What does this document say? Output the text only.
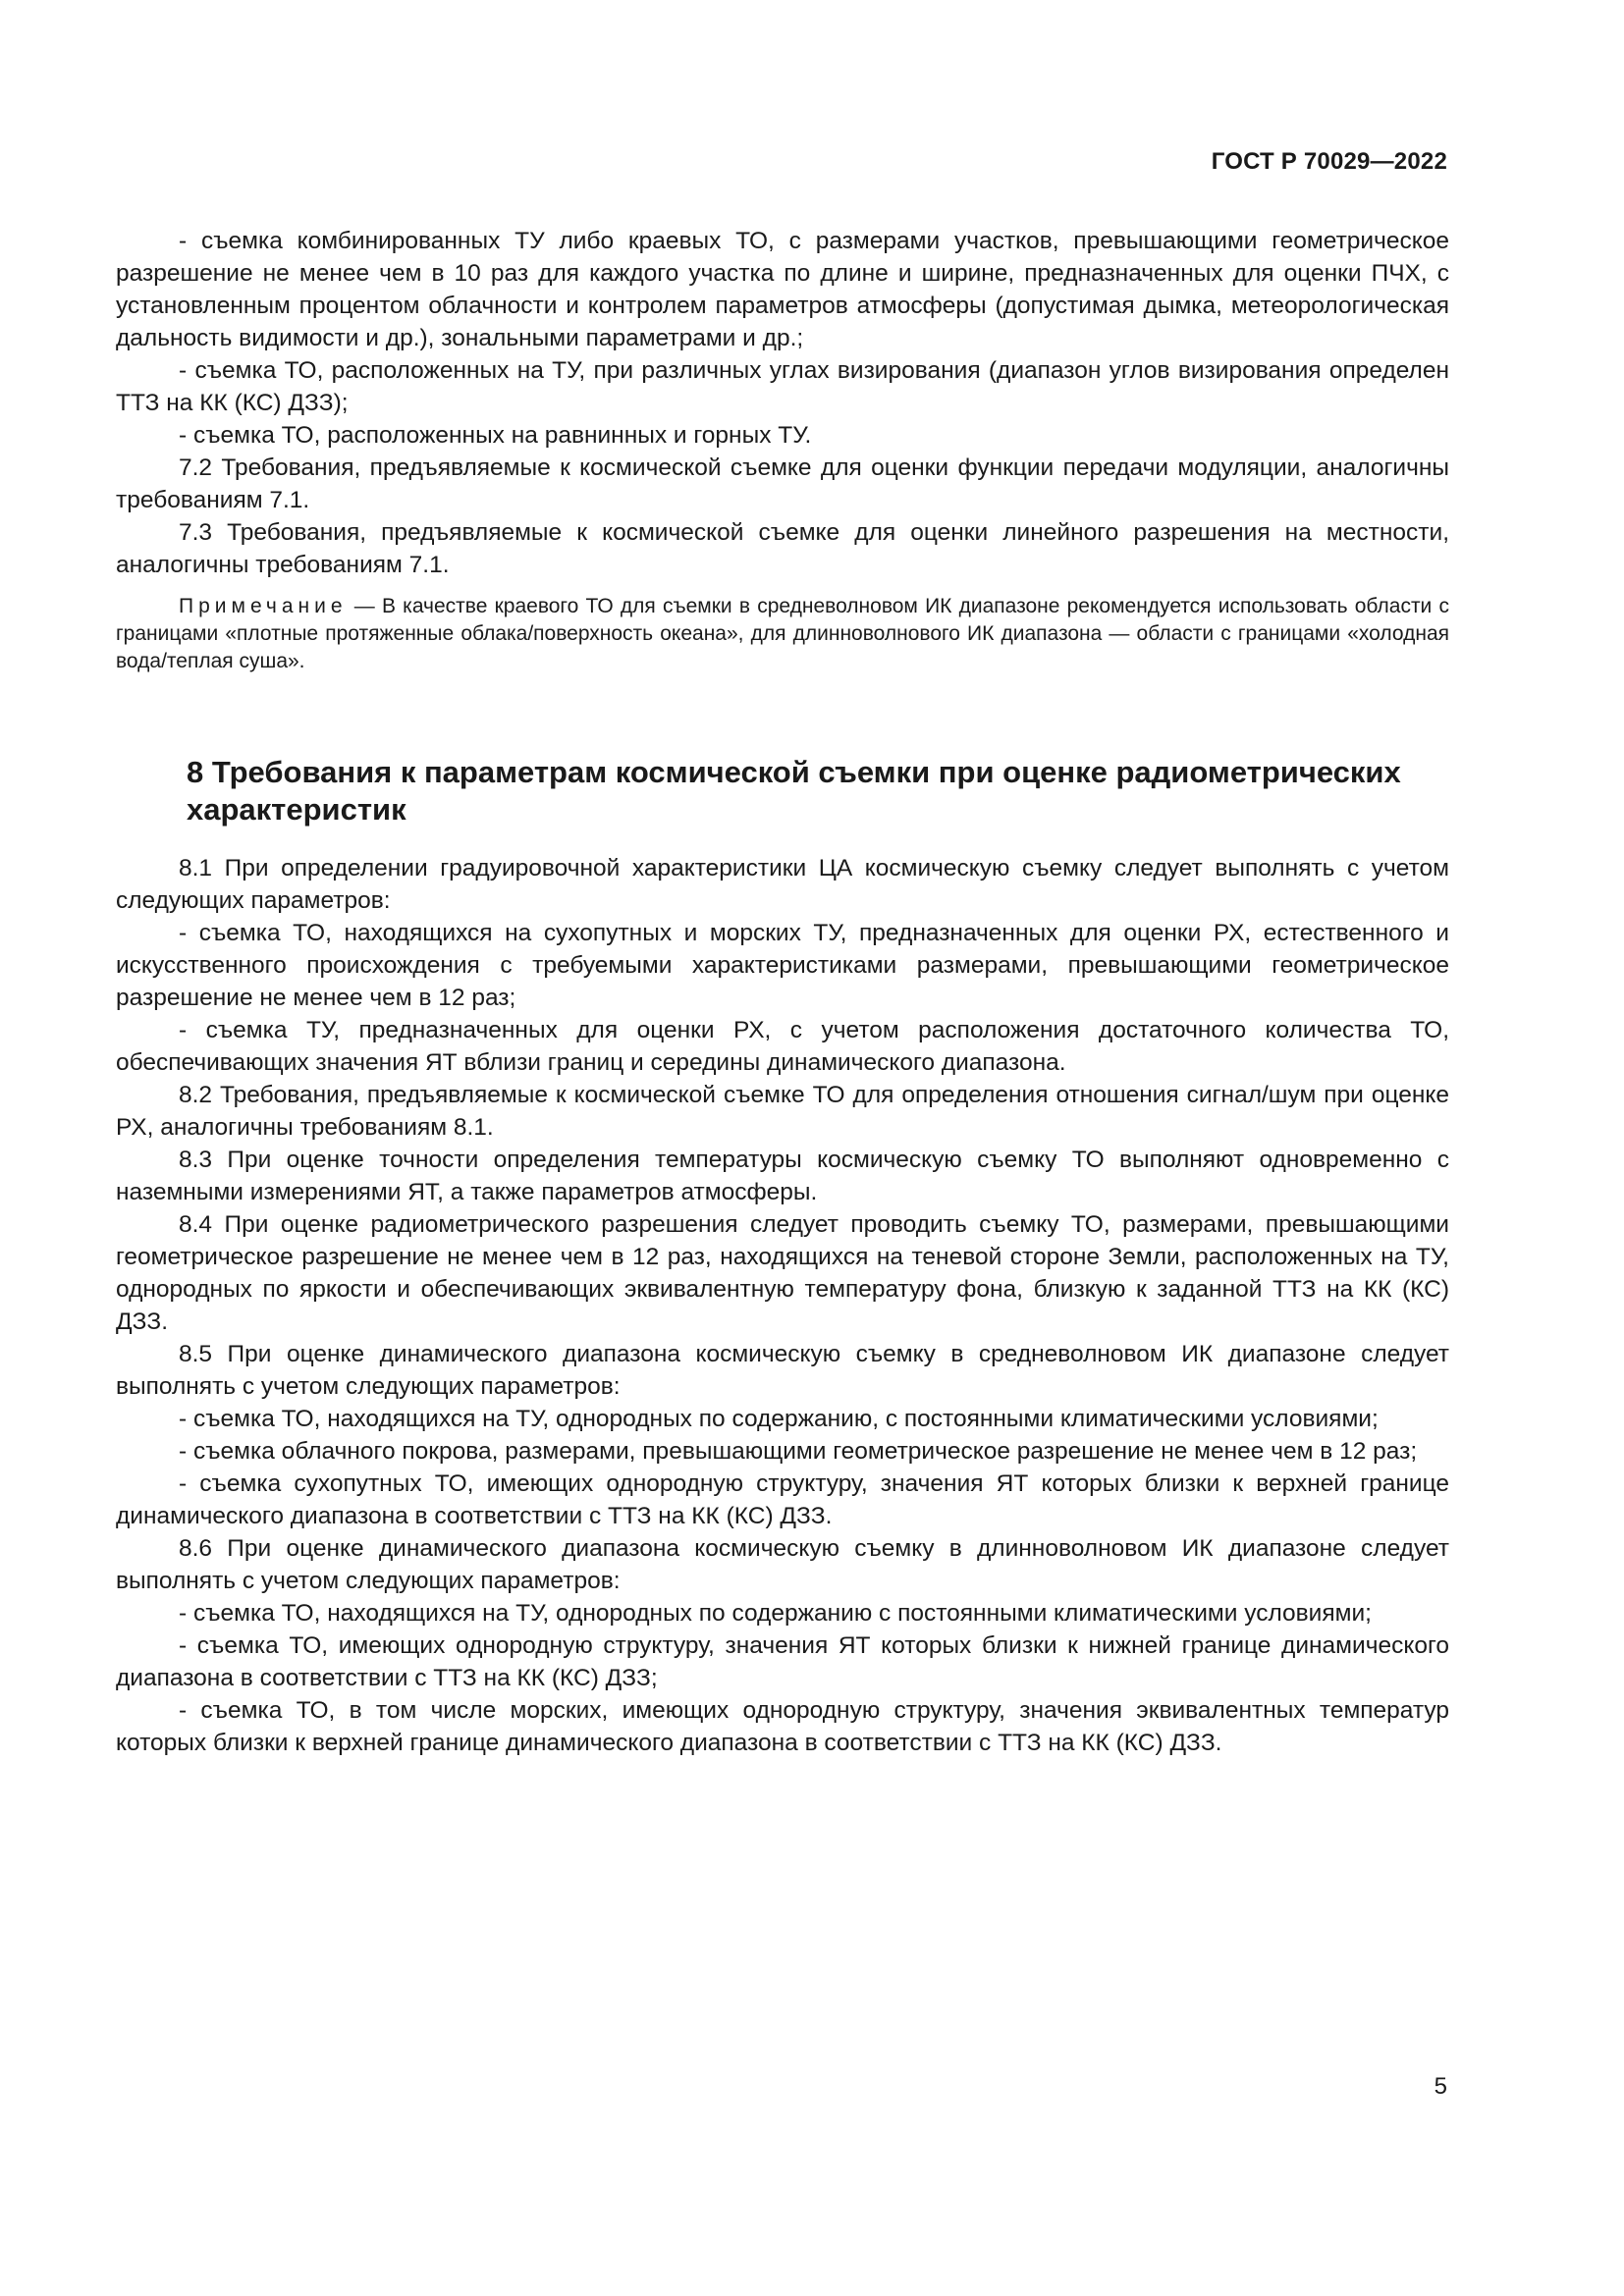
ГОСТ Р 70029—2022

- съемка комбинированных ТУ либо краевых ТО, с размерами участков, превышающими геометрическое разрешение не менее чем в 10 раз для каждого участка по длине и ширине, предназначенных для оценки ПЧХ, с установленным процентом облачности и контролем параметров атмосферы (допустимая дымка, метеорологическая дальность видимости и др.), зональными параметрами и др.;

- съемка ТО, расположенных на ТУ, при различных углах визирования (диапазон углов визирования определен ТТЗ на КК (КС) ДЗЗ);

- съемка ТО, расположенных на равнинных и горных ТУ.

7.2 Требования, предъявляемые к космической съемке для оценки функции передачи модуляции, аналогичны требованиям 7.1.

7.3 Требования, предъявляемые к космической съемке для оценки линейного разрешения на местности, аналогичны требованиям 7.1.

Примечание — В качестве краевого ТО для съемки в средневолновом ИК диапазоне рекомендуется использовать области с границами «плотные протяженные облака/поверхность океана», для длинноволнового ИК диапазона — области с границами «холодная вода/теплая суша».

8 Требования к параметрам космической съемки при оценке радиометрических характеристик

8.1 При определении градуировочной характеристики ЦА космическую съемку следует выполнять с учетом следующих параметров:

- съемка ТО, находящихся на сухопутных и морских ТУ, предназначенных для оценки РХ, естественного и искусственного происхождения с требуемыми характеристиками размерами, превышающими геометрическое разрешение не менее чем в 12 раз;

- съемка ТУ, предназначенных для оценки РХ, с учетом расположения достаточного количества ТО, обеспечивающих значения ЯТ вблизи границ и середины динамического диапазона.

8.2 Требования, предъявляемые к космической съемке ТО для определения отношения сигнал/шум при оценке РХ, аналогичны требованиям 8.1.

8.3 При оценке точности определения температуры космическую съемку ТО выполняют одновременно с наземными измерениями ЯТ, а также параметров атмосферы.

8.4 При оценке радиометрического разрешения следует проводить съемку ТО, размерами, превышающими геометрическое разрешение не менее чем в 12 раз, находящихся на теневой стороне Земли, расположенных на ТУ, однородных по яркости и обеспечивающих эквивалентную температуру фона, близкую к заданной ТТЗ на КК (КС) ДЗЗ.

8.5 При оценке динамического диапазона космическую съемку в средневолновом ИК диапазоне следует выполнять с учетом следующих параметров:

- съемка ТО, находящихся на ТУ, однородных по содержанию, с постоянными климатическими условиями;

- съемка облачного покрова, размерами, превышающими геометрическое разрешение не менее чем в 12 раз;

- съемка сухопутных ТО, имеющих однородную структуру, значения ЯТ которых близки к верхней границе динамического диапазона в соответствии с ТТЗ на КК (КС) ДЗЗ.

8.6 При оценке динамического диапазона космическую съемку в длинноволновом ИК диапазоне следует выполнять с учетом следующих параметров:

- съемка ТО, находящихся на ТУ, однородных по содержанию с постоянными климатическими условиями;

- съемка ТО, имеющих однородную структуру, значения ЯТ которых близки к нижней границе динамического диапазона в соответствии с ТТЗ на КК (КС) ДЗЗ;

- съемка ТО, в том числе морских, имеющих однородную структуру, значения эквивалентных температур которых близки к верхней границе динамического диапазона в соответствии с ТТЗ на КК (КС) ДЗЗ.

5
